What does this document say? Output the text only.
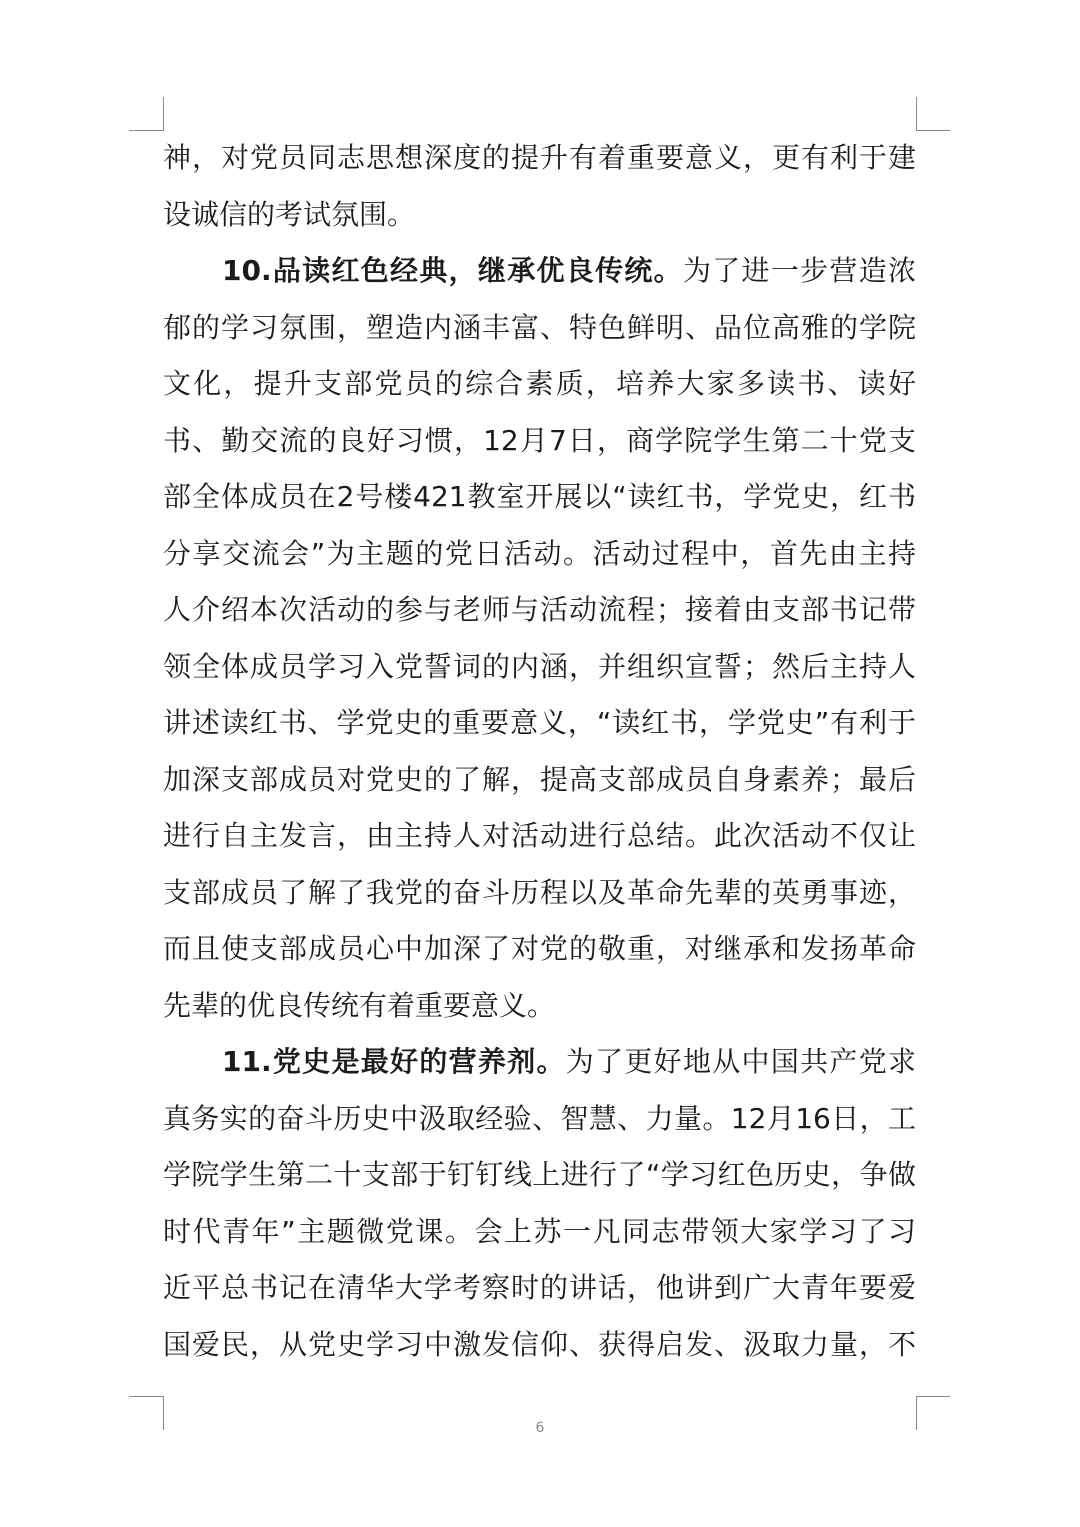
神，对党员同志思想深度的提升有着重要意义，更有利于建
设诚信的考试氛围。
10.品读红色经典，继承优良传统。为了进一步营造浓
郁的学习氛围，塑造内涵丰富、特色鲜明、品位高雅的学院
文化，提升支部党员的综合素质，培养大家多读书、读好
书、勤交流的良好习惯，12月7日，商学院学生第二十党支
部全体成员在2号楼421教室开展以“读红书，学党史，红书
分享交流会”为主题的党日活动。活动过程中，首先由主持
人介绍本次活动的参与老师与活动流程；接着由支部书记带
领全体成员学习入党誓词的内涵，并组织宣誓；然后主持人
讲述读红书、学党史的重要意义，“读红书，学党史”有利于
加深支部成员对党史的了解，提高支部成员自身素养；最后
进行自主发言，由主持人对活动进行总结。此次活动不仅让
支部成员了解了我党的奋斗历程以及革命先辈的英勇事迹，
而且使支部成员心中加深了对党的敬重，对继承和发扬革命
先辈的优良传统有着重要意义。
11.党史是最好的营养剂。为了更好地从中国共产党求
真务实的奋斗历史中汲取经验、智慧、力量。12月16日，工
学院学生第二十支部于钉钉线上进行了“学习红色历史，争做
时代青年”主题微党课。会上苏一凡同志带领大家学习了习
近平总书记在清华大学考察时的讲话，他讲到广大青年要爱
国爱民，从党史学习中激发信仰、获得启发、汲取力量，不
6
